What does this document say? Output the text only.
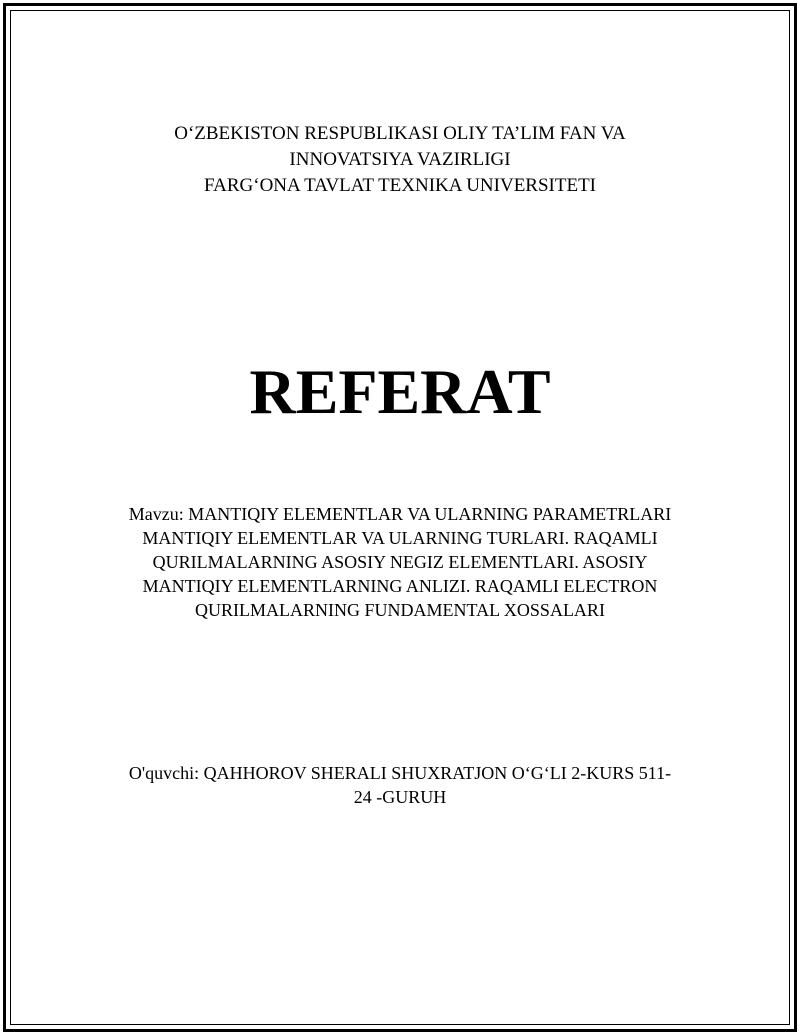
O‘ZBEKISTON RESPUBLIKASI OLIY TA’LIM FAN VA
INNOVATSIYA VAZIRLIGI
FARG‘ONA TAVLAT TEXNIKA UNIVERSITETI
REFERAT
Mavzu: MANTIQIY ELEMENTLAR VA ULARNING PARAMETRLARI
MANTIQIY ELEMENTLAR VA ULARNING TURLARI. RAQAMLI
QURILMALARNING ASOSIY NEGIZ ELEMENTLARI. ASOSIY
MANTIQIY ELEMENTLARNING ANLIZI. RAQAMLI ELECTRON
QURILMALARNING FUNDAMENTAL XOSSALARI
O'quvchi: QAHHOROV SHERALI SHUXRATJON O‘G‘LI 2-KURS 511-
24 -GURUH
